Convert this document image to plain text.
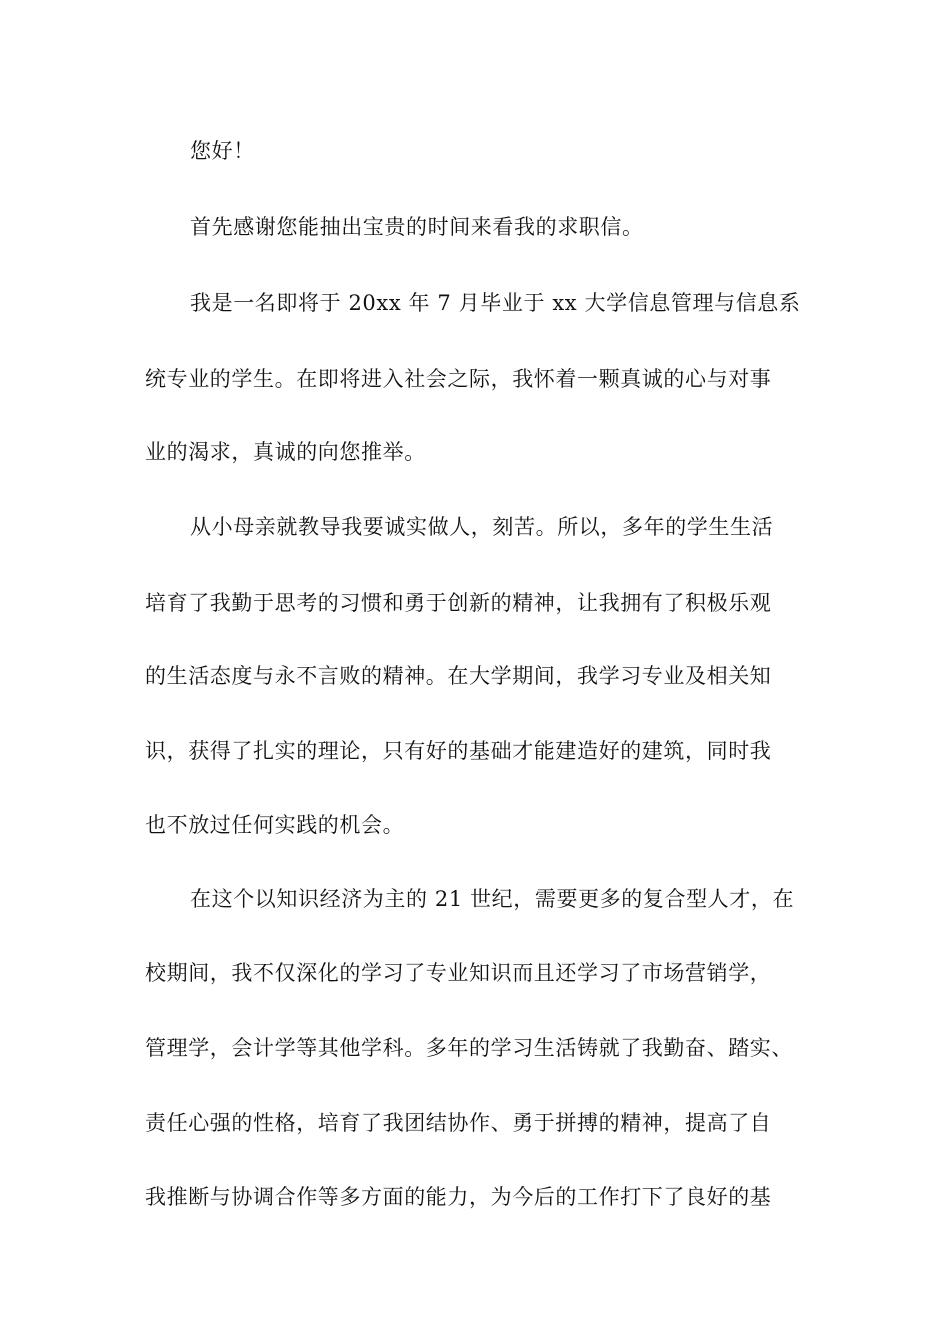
您好！
首先感谢您能抽出宝贵的时间来看我的求职信。
我是一名即将于 20xx 年 7 月毕业于 xx 大学信息管理与信息系
统专业的学生。在即将进入社会之际，我怀着一颗真诚的心与对事
业的渴求，真诚的向您推举。
从小母亲就教导我要诚实做人，刻苦。所以，多年的学生生活
培育了我勤于思考的习惯和勇于创新的精神，让我拥有了积极乐观
的生活态度与永不言败的精神。在大学期间，我学习专业及相关知
识，获得了扎实的理论，只有好的基础才能建造好的建筑，同时我
也不放过任何实践的机会。
在这个以知识经济为主的 21 世纪，需要更多的复合型人才，在
校期间，我不仅深化的学习了专业知识而且还学习了市场营销学，
管理学，会计学等其他学科。多年的学习生活铸就了我勤奋、踏实、
责任心强的性格，培育了我团结协作、勇于拼搏的精神，提高了自
我推断与协调合作等多方面的能力，为今后的工作打下了良好的基
